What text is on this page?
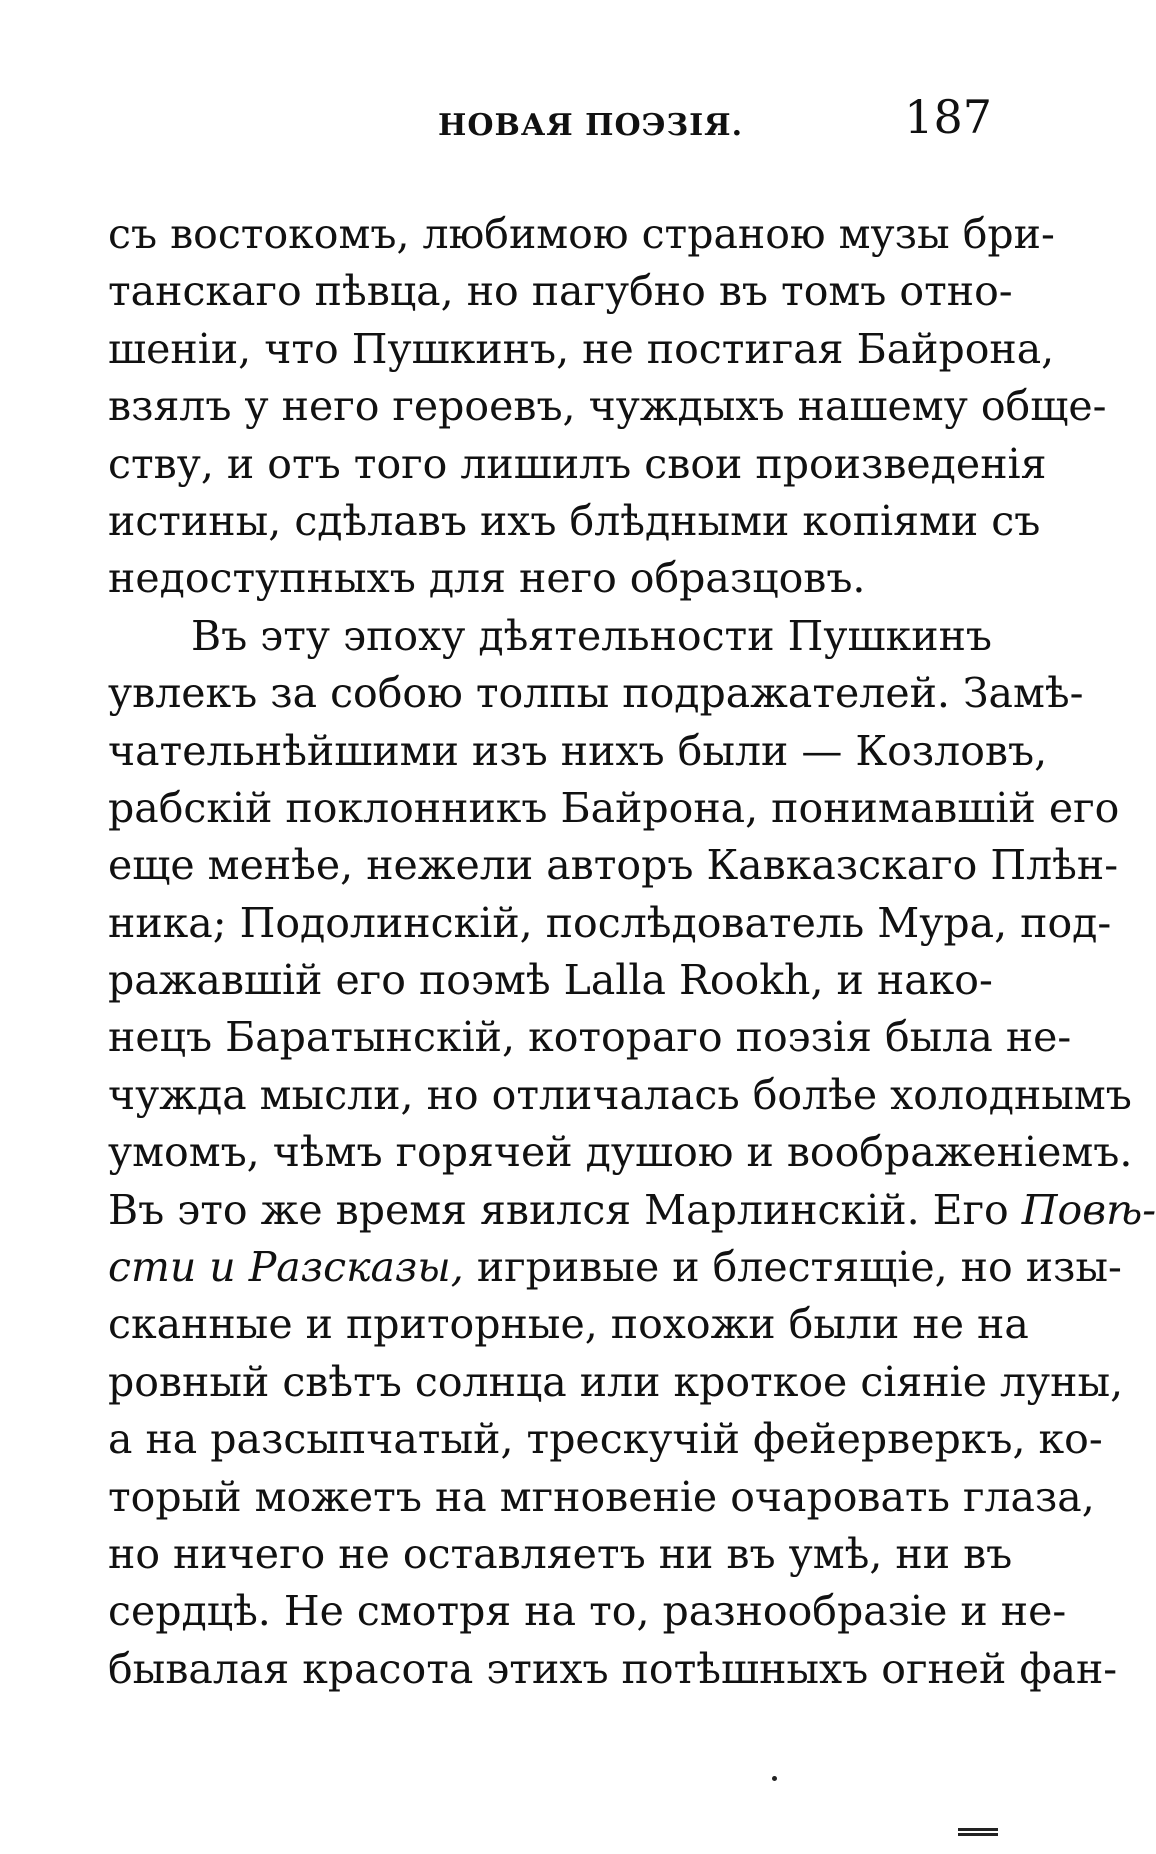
НОВАЯ ПОЭЗІЯ.	187
съ востокомъ, любимою страною музы бри-
танскаго пѣвца, но пагубно въ томъ отно-
шеніи, что Пушкинъ, не постигая Байрона,
взялъ у него героевъ, чуждыхъ нашему обще-
ству, и отъ того лишилъ свои произведенія
истины, сдѣлавъ ихъ блѣдными копіями съ
недоступныхъ для него образцовъ.
Въ эту эпоху дѣятельности Пушкинъ
увлекъ за собою толпы подражателей. Замѣ-
чательнѣйшими изъ нихъ были — Козловъ,
рабскій поклонникъ Байрона, понимавшій его
еще менѣе, нежели авторъ Кавказскаго Плѣн-
ника; Подолинскій, послѣдователь Мура, под-
ражавшій его поэмѣ Lalla Rookh, и нако-
нецъ Баратынскій, котораго поэзія была не-
чужда мысли, но отличалась болѣе холоднымъ
умомъ, чѣмъ горячей душою и воображеніемъ.
Въ это же время явился Марлинскій. Его Повѣ-
сти и Разсказы, игривые и блестящіе, но изы-
сканные и приторные, похожи были не на
ровный свѣтъ солнца или кроткое сіяніе луны,
а на разсыпчатый, трескучій фейерверкъ, ко-
торый можетъ на мгновеніе очаровать глаза,
но ничего не оставляетъ ни въ умѣ, ни въ
сердцѣ. Не смотря на то, разнообразіе и не-
бывалая красота этихъ потѣшныхъ огней фан-
